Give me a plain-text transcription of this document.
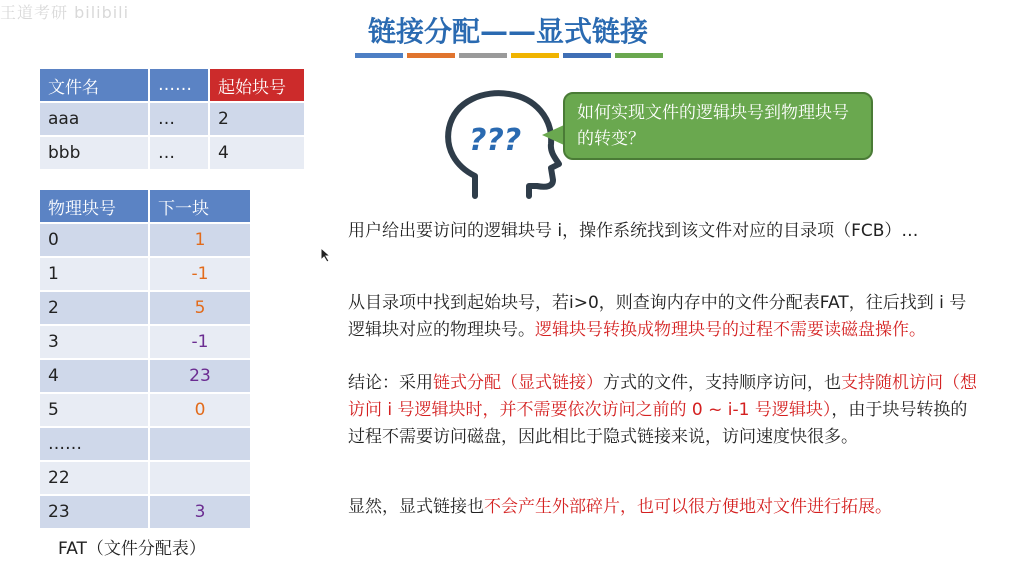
王道考研 bilibili
链接分配——显式链接
文件名	……	起始块号
aaa	…	2
bbb	…	4
物理块号	下一块
0	1
1	-1
2	5
3	-1
4	23
5	0
……	
22	
23	3
FAT（文件分配表）
???
如何实现文件的逻辑块号到物理块号的转变？
用户给出要访问的逻辑块号 i，操作系统找到该文件对应的目录项（FCB）…
从目录项中找到起始块号，若i>0，则查询内存中的文件分配表FAT，往后找到 i 号逻辑块对应的物理块号。逻辑块号转换成物理块号的过程不需要读磁盘操作。
结论：采用链式分配（显式链接）方式的文件，支持顺序访问，也支持随机访问（想访问 i 号逻辑块时，并不需要依次访问之前的 0 ~ i-1 号逻辑块），由于块号转换的过程不需要访问磁盘，因此相比于隐式链接来说，访问速度快很多。
显然，显式链接也不会产生外部碎片，也可以很方便地对文件进行拓展。
